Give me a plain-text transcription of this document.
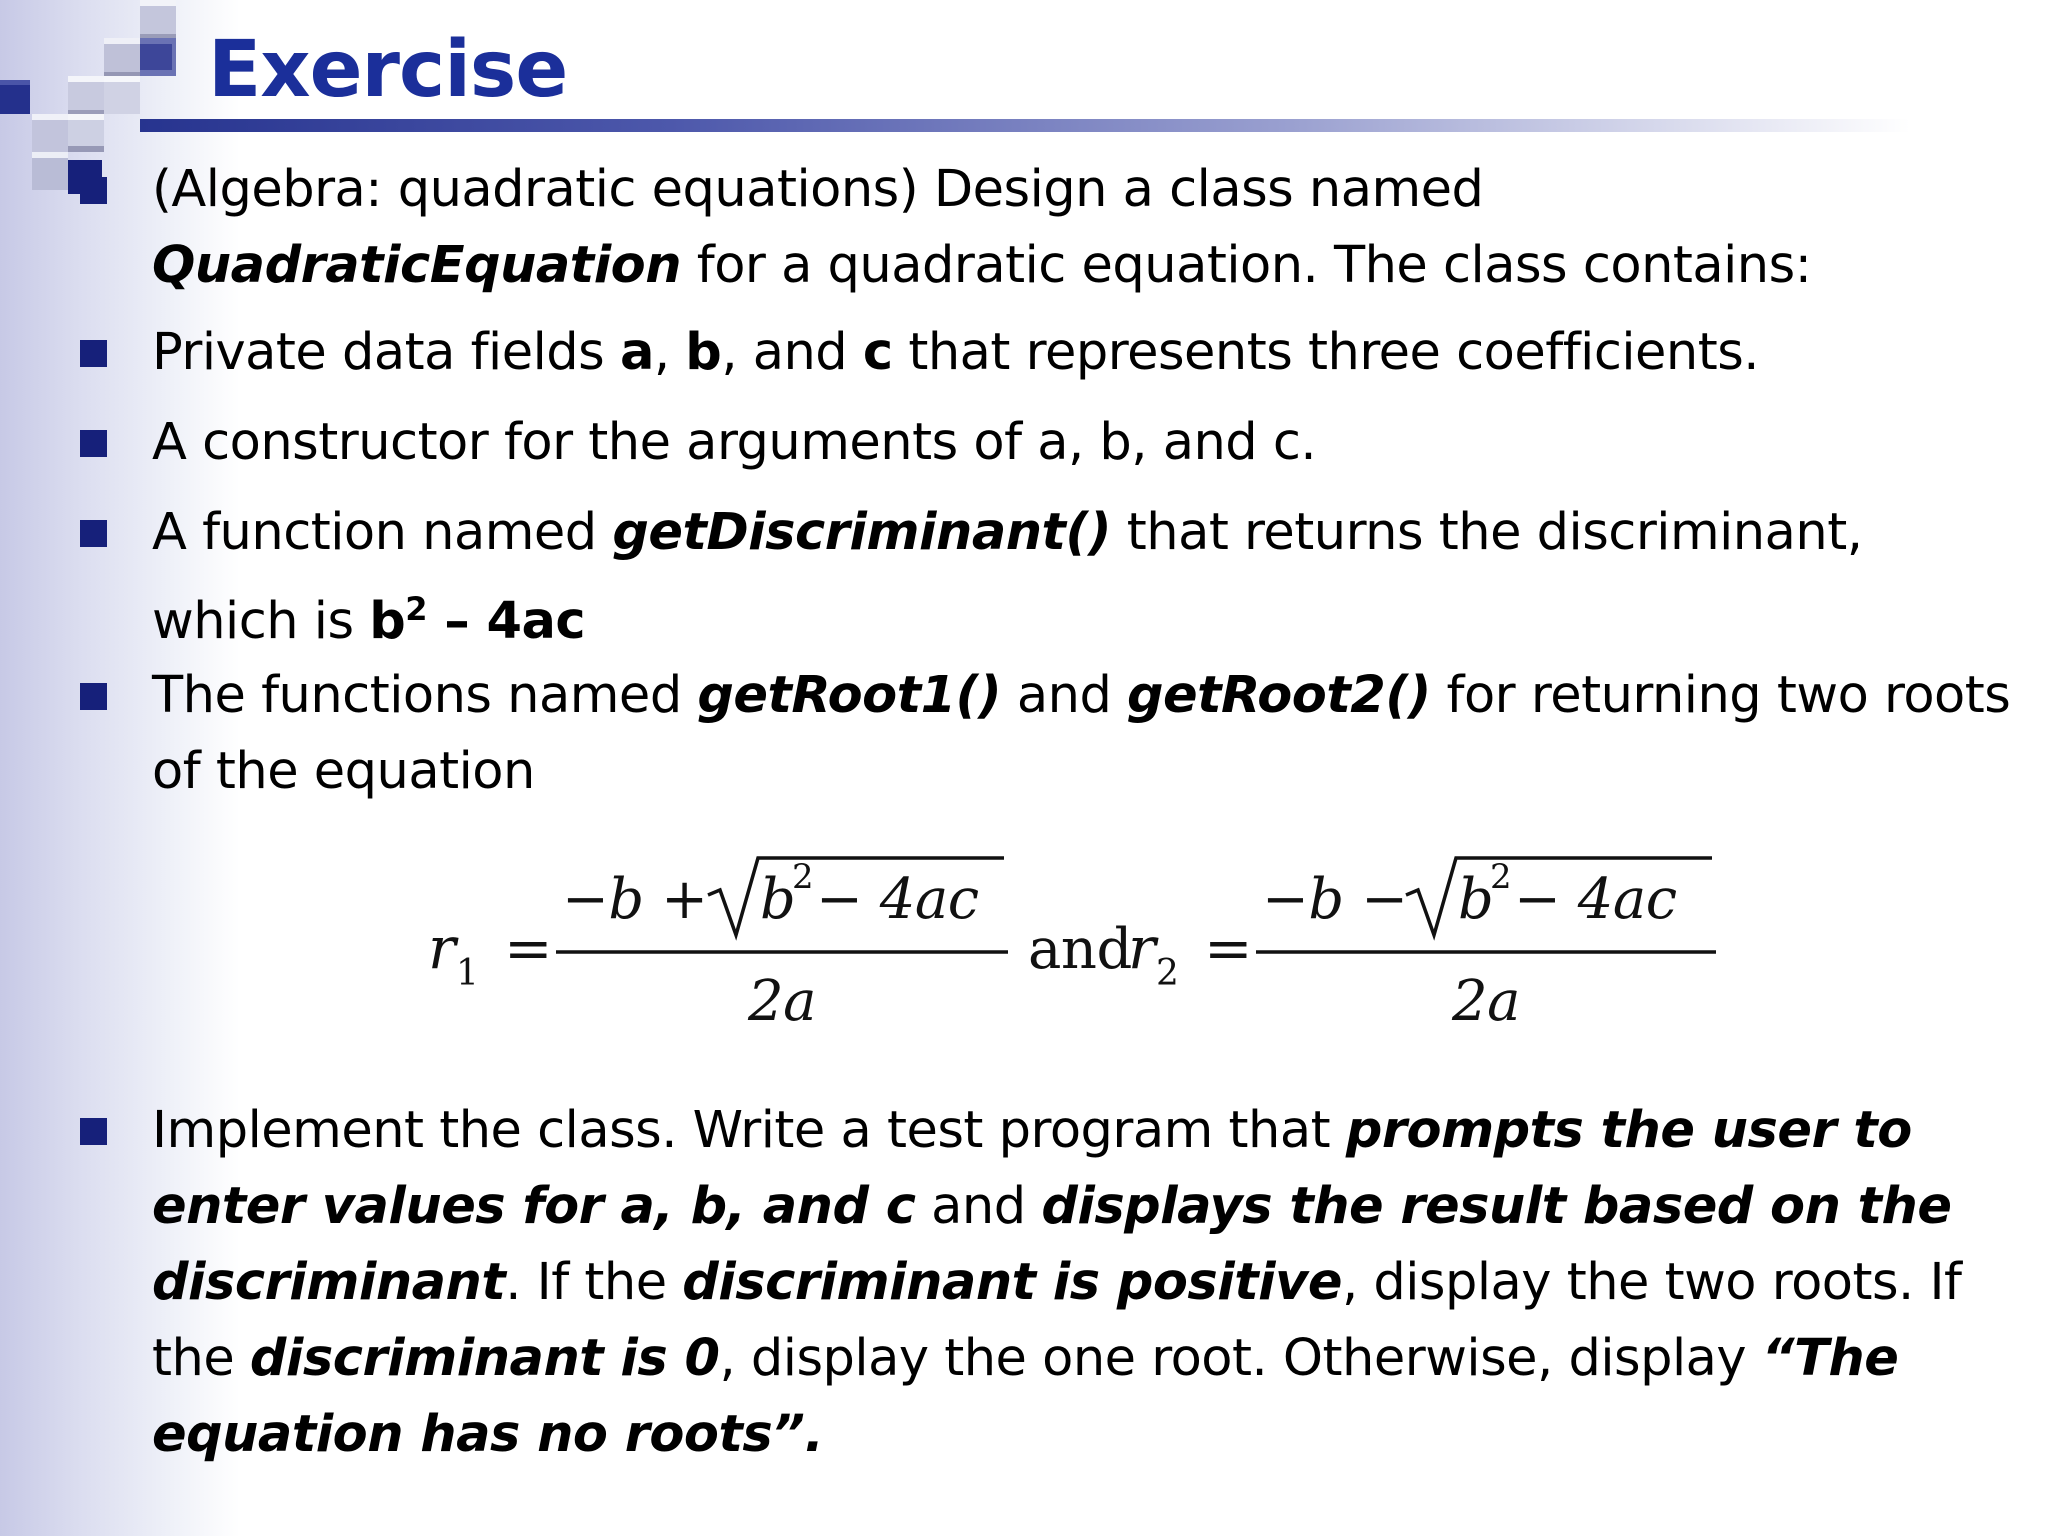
Exercise

(Algebra: quadratic equations) Design a class named QuadraticEquation for a quadratic equation. The class contains:

Private data fields a, b, and c that represents three coefficients.

A constructor for the arguments of a, b, and c.

A function named getDiscriminant() that returns the discriminant, which is $b^2 - 4ac$

The functions named getRoot1() and getRoot2() for returning two roots of the equation

r 1 =
−b + b
2 − 4ac
2a
and
r 2 =
−b − b
2 − 4ac
2a

Implement the class. Write a test program that prompts the user to enter values for a, b, and c and displays the result based on the discriminant. If the discriminant is positive, display the two roots. If the discriminant is 0, display the one root. Otherwise, display “The equation has no roots”.
